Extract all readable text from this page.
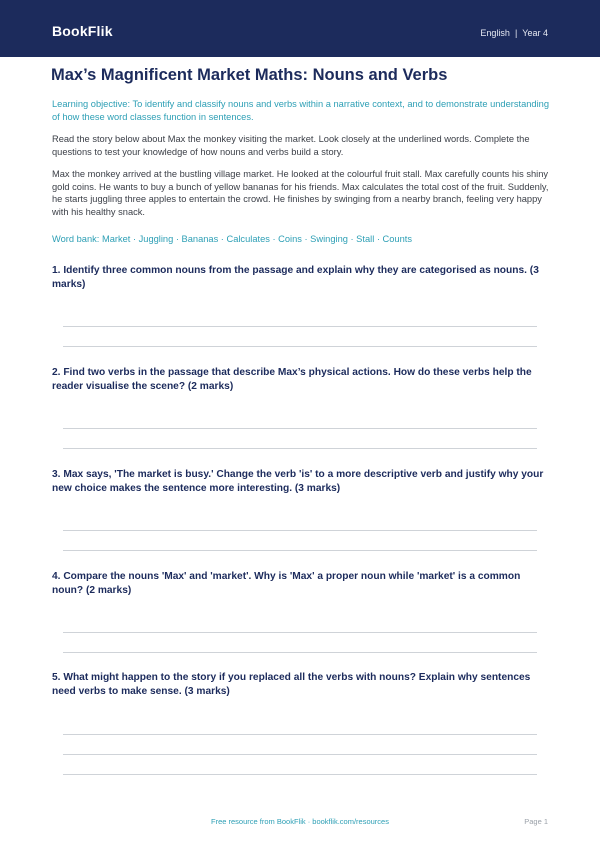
BookFlik	English | Year 4
Max’s Magnificent Market Maths: Nouns and Verbs

Learning objective: To identify and classify nouns and verbs within a narrative context, and to demonstrate understanding of how these word classes function in sentences.

Read the story below about Max the monkey visiting the market. Look closely at the underlined words. Complete the questions to test your knowledge of how nouns and verbs build a story.

Max the monkey arrived at the bustling village market. He looked at the colourful fruit stall. Max carefully counts his shiny gold coins. He wants to buy a bunch of yellow bananas for his friends. Max calculates the total cost of the fruit. Suddenly, he starts juggling three apples to entertain the crowd. He finishes by swinging from a nearby branch, feeling very happy with his healthy snack.

Word bank: Market · Juggling · Bananas · Calculates · Coins · Swinging · Stall · Counts

1. Identify three common nouns from the passage and explain why they are categorised as nouns. (3 marks)

2. Find two verbs in the passage that describe Max’s physical actions. How do these verbs help the reader visualise the scene? (2 marks)

3. Max says, 'The market is busy.' Change the verb 'is' to a more descriptive verb and justify why your new choice makes the sentence more interesting. (3 marks)

4. Compare the nouns 'Max' and 'market'. Why is 'Max' a proper noun while 'market' is a common noun? (2 marks)

5. What might happen to the story if you replaced all the verbs with nouns? Explain why sentences need verbs to make sense. (3 marks)

Free resource from BookFlik · bookflik.com/resources	Page 1
